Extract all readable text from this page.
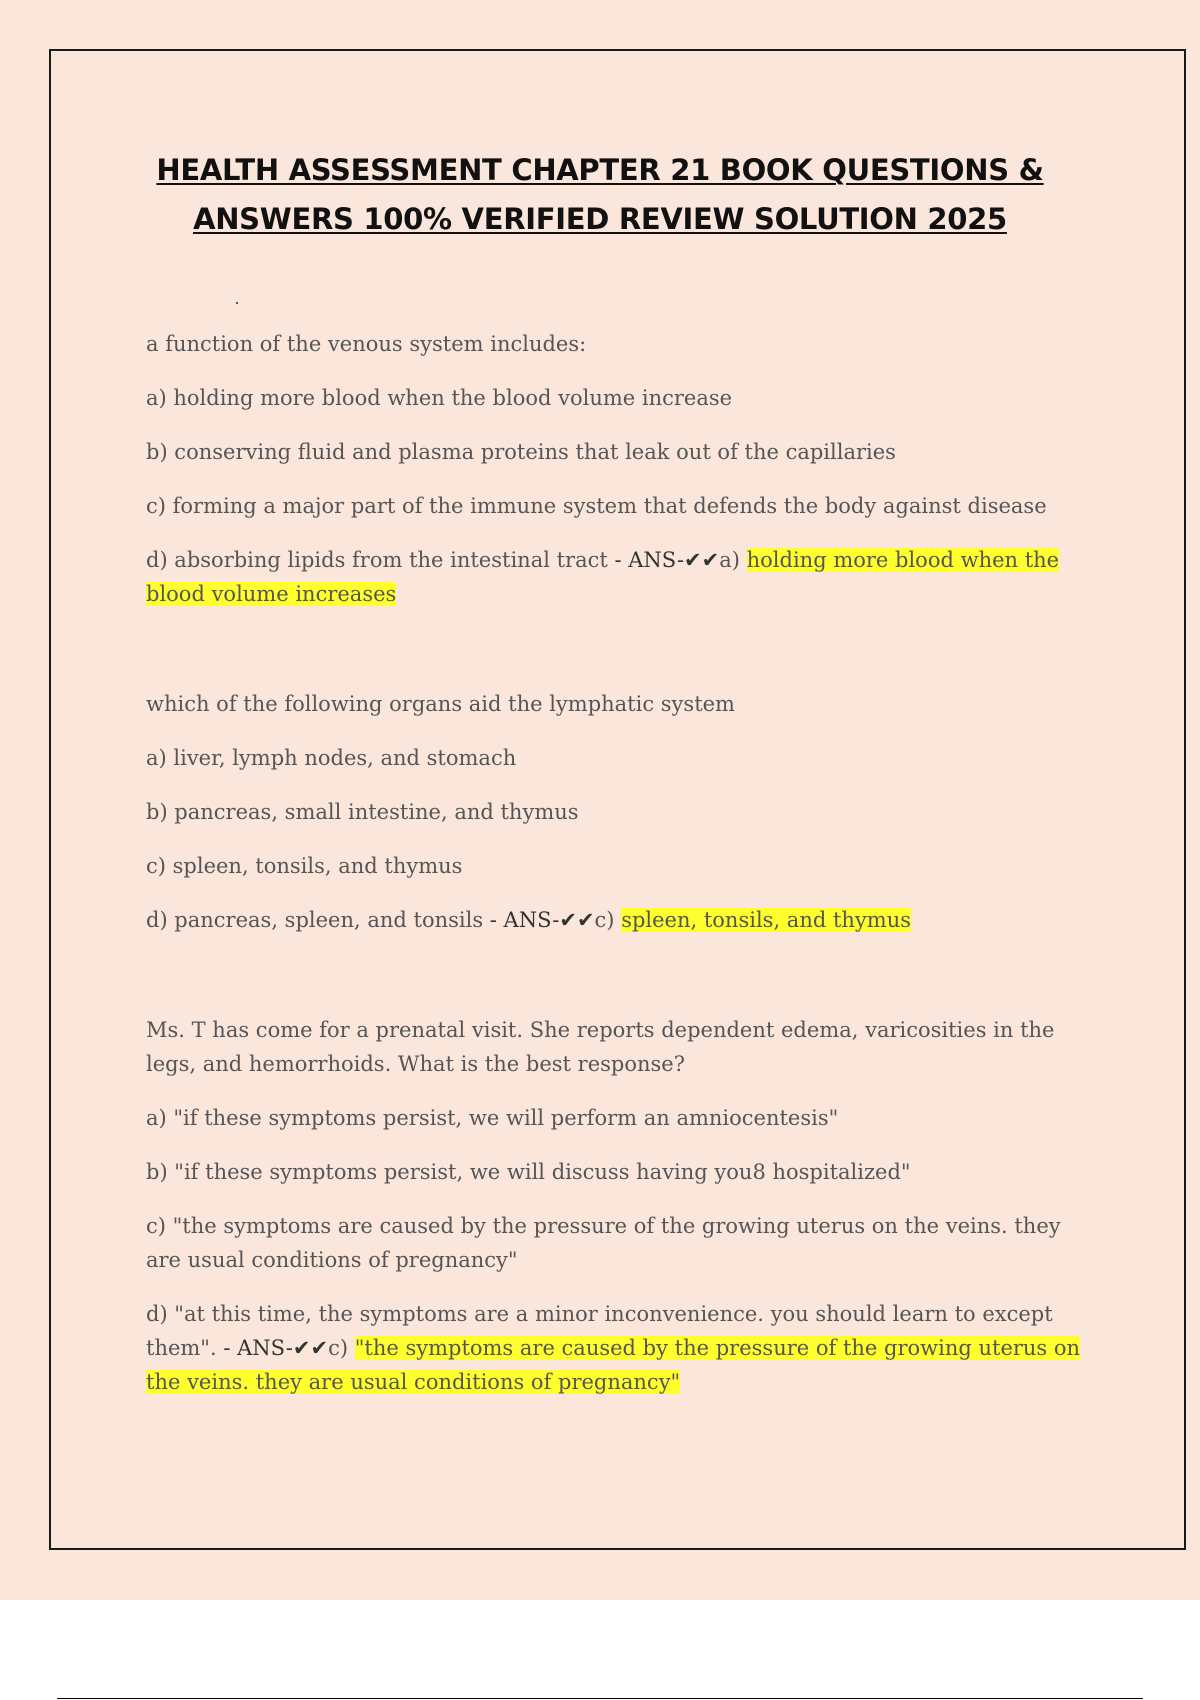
HEALTH ASSESSMENT CHAPTER 21 BOOK QUESTIONS & ANSWERS 100% VERIFIED REVIEW SOLUTION 2025

a function of the venous system includes:

a) holding more blood when the blood volume increase

b) conserving fluid and plasma proteins that leak out of the capillaries

c) forming a major part of the immune system that defends the body against disease

d) absorbing lipids from the intestinal tract - ANS-✔✔a) holding more blood when the blood volume increases

which of the following organs aid the lymphatic system

a) liver, lymph nodes, and stomach

b) pancreas, small intestine, and thymus

c) spleen, tonsils, and thymus

d) pancreas, spleen, and tonsils - ANS-✔✔c) spleen, tonsils, and thymus

Ms. T has come for a prenatal visit. She reports dependent edema, varicosities in the legs, and hemorrhoids. What is the best response?

a) "if these symptoms persist, we will perform an amniocentesis"

b) "if these symptoms persist, we will discuss having you8 hospitalized"

c) "the symptoms are caused by the pressure of the growing uterus on the veins. they are usual conditions of pregnancy"

d) "at this time, the symptoms are a minor inconvenience. you should learn to except them". - ANS-✔✔c) "the symptoms are caused by the pressure of the growing uterus on the veins. they are usual conditions of pregnancy"
